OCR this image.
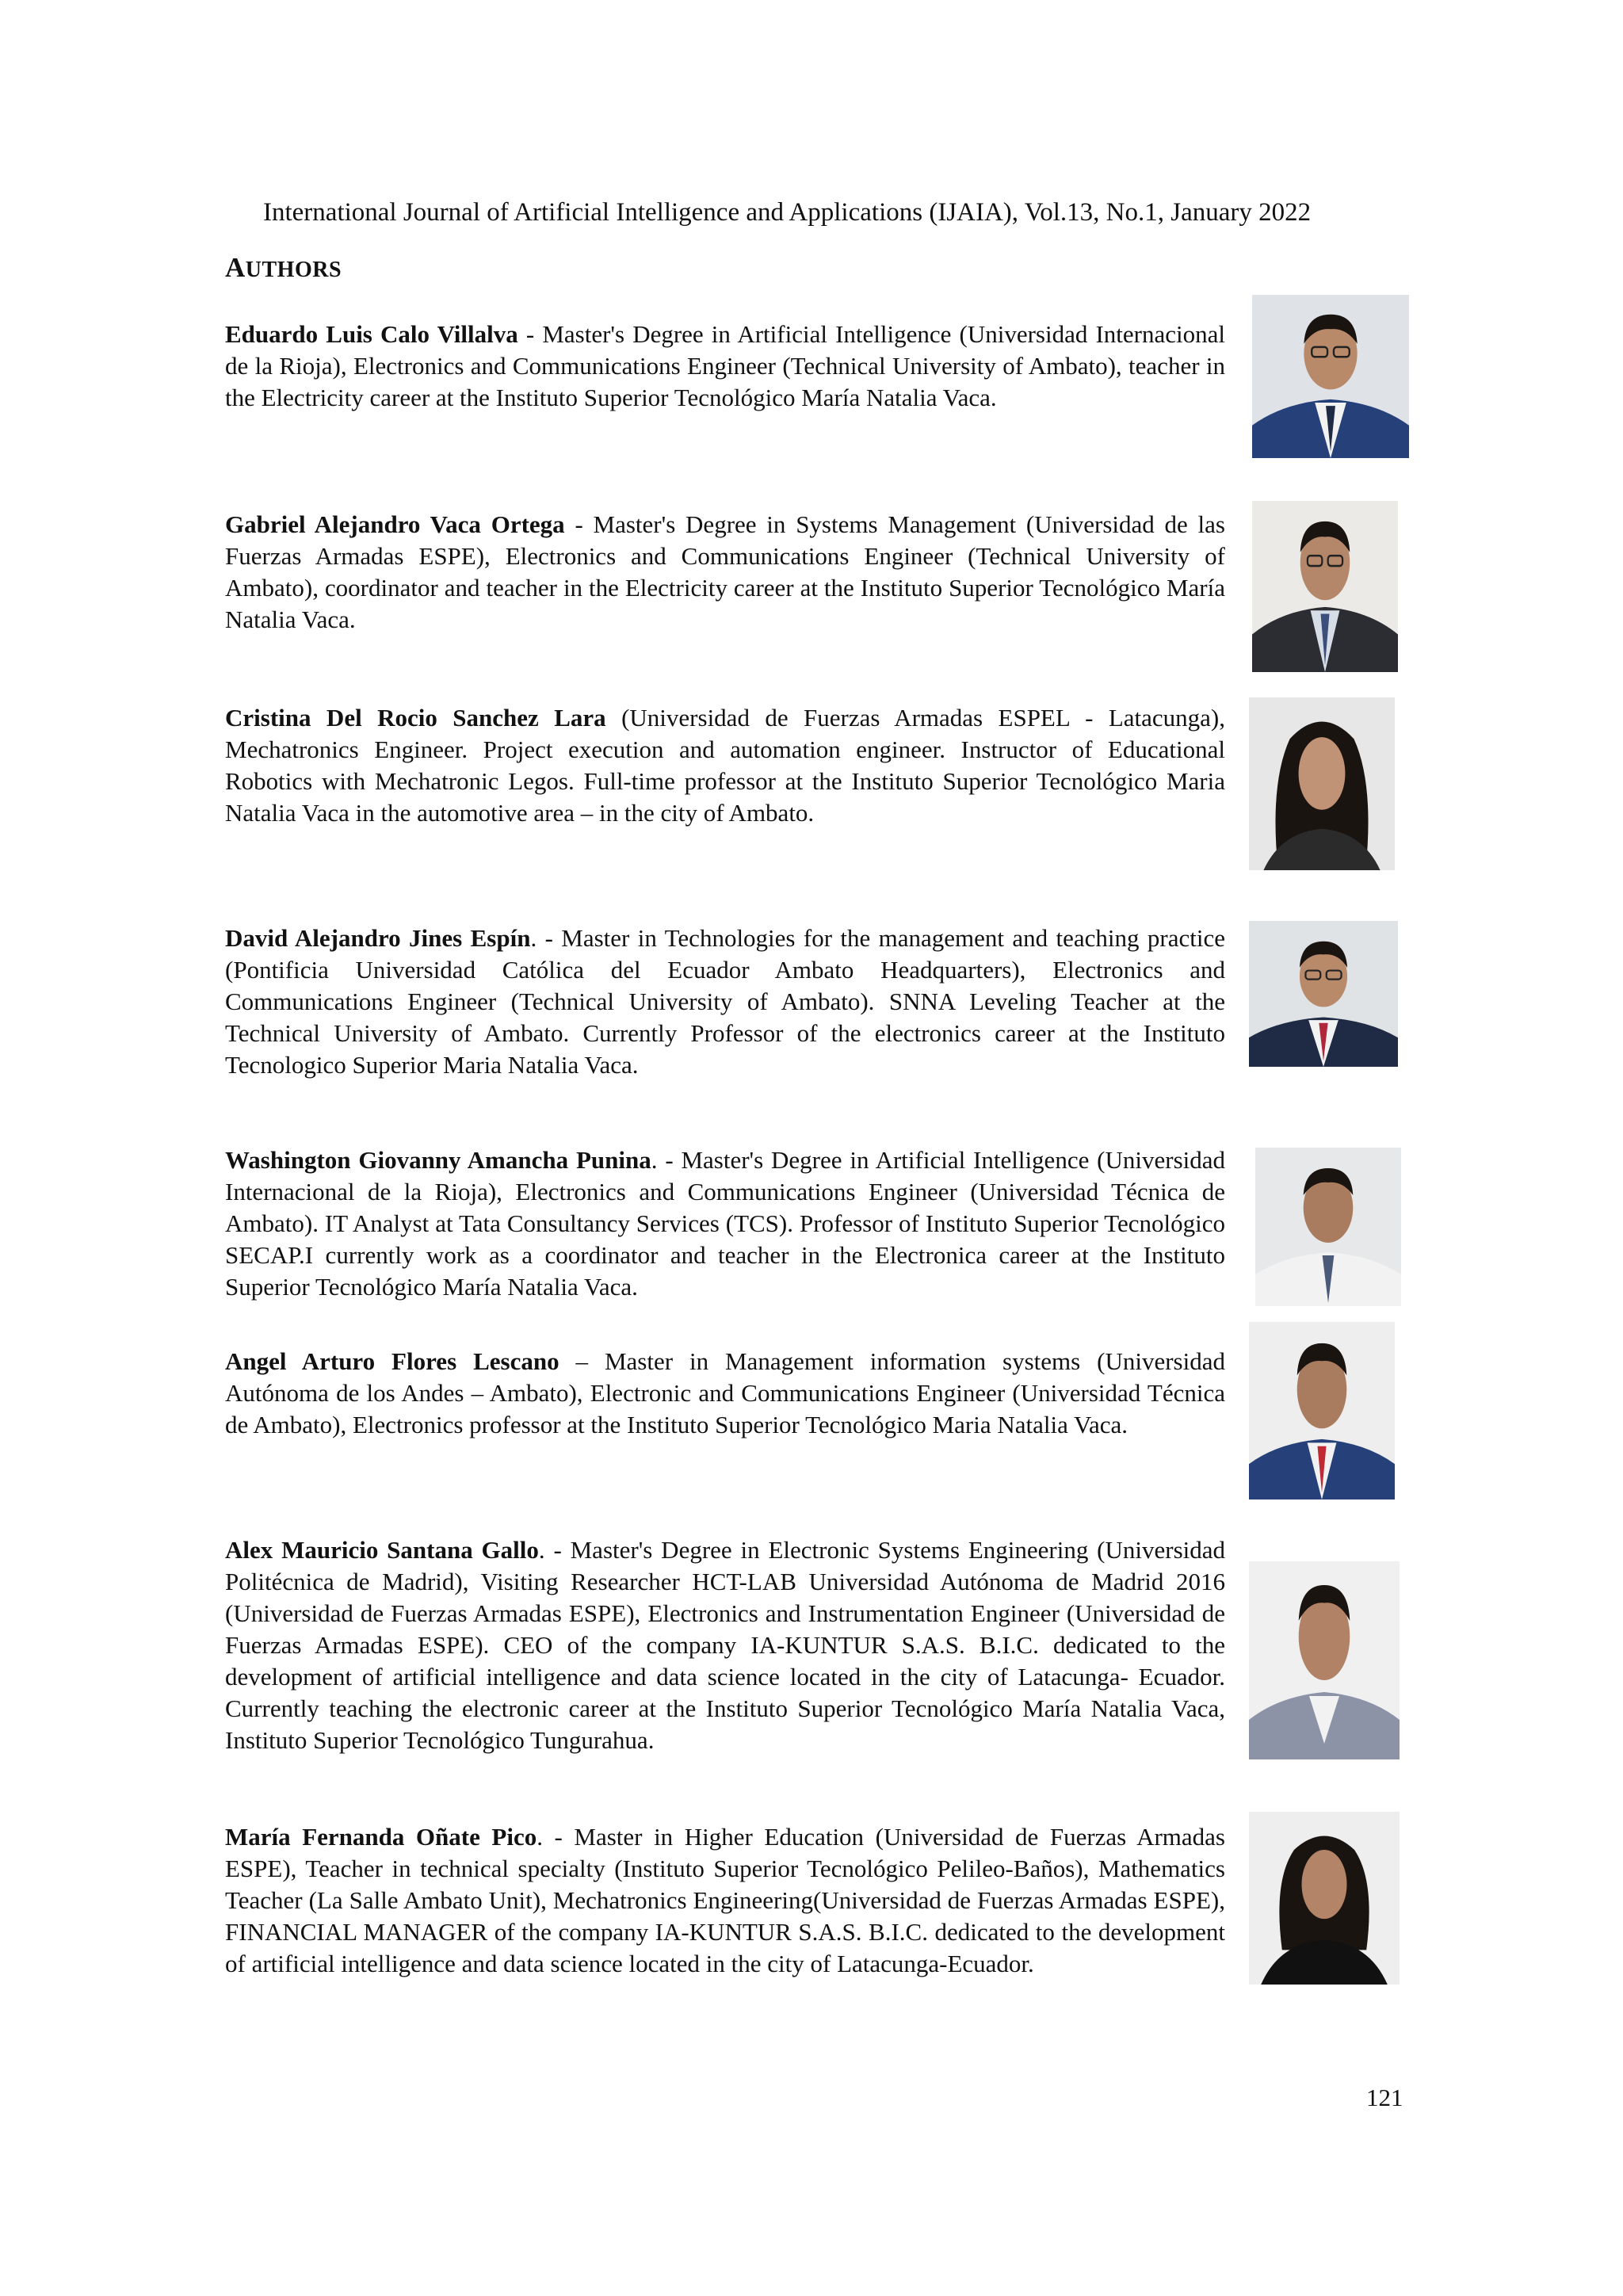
International Journal of Artificial Intelligence and Applications (IJAIA), Vol.13, No.1, January 2022
AUTHORS
Eduardo Luis Calo Villalva - Master's Degree in Artificial Intelligence (Universidad Internacional de la Rioja), Electronics and Communications Engineer (Technical University of Ambato), teacher in the Electricity career at the Instituto Superior Tecnológico María Natalia Vaca.
Gabriel Alejandro Vaca Ortega - Master's Degree in Systems Management (Universidad de las Fuerzas Armadas ESPE), Electronics and Communications Engineer (Technical University of Ambato), coordinator and teacher in the Electricity career at the Instituto Superior Tecnológico María Natalia Vaca.
Cristina Del Rocio Sanchez Lara (Universidad de Fuerzas Armadas ESPEL - Latacunga), Mechatronics Engineer. Project execution and automation engineer. Instructor of Educational Robotics with Mechatronic Legos. Full-time professor at the Instituto Superior Tecnológico Maria Natalia Vaca in the automotive area – in the city of Ambato.
David Alejandro Jines Espín. - Master in Technologies for the management and teaching practice (Pontificia Universidad Católica del Ecuador Ambato Headquarters), Electronics and Communications Engineer (Technical University of Ambato). SNNA Leveling Teacher at the Technical University of Ambato. Currently Professor of the electronics career at the Instituto Tecnologico Superior Maria Natalia Vaca.
Washington Giovanny Amancha Punina. - Master's Degree in Artificial Intelligence (Universidad Internacional de la Rioja), Electronics and Communications Engineer (Universidad Técnica de Ambato). IT Analyst at Tata Consultancy Services (TCS). Professor of Instituto Superior Tecnológico SECAP.I currently work as a coordinator and teacher in the Electronica career at the Instituto Superior Tecnológico María Natalia Vaca.
Angel Arturo Flores Lescano – Master in Management information systems (Universidad Autónoma de los Andes – Ambato), Electronic and Communications Engineer (Universidad Técnica de Ambato), Electronics professor at the Instituto Superior Tecnológico Maria Natalia Vaca.
Alex Mauricio Santana Gallo. - Master's Degree in Electronic Systems Engineering (Universidad Politécnica de Madrid), Visiting Researcher HCT-LAB Universidad Autónoma de Madrid 2016 (Universidad de Fuerzas Armadas ESPE), Electronics and Instrumentation Engineer (Universidad de Fuerzas Armadas ESPE). CEO of the company IA-KUNTUR S.A.S. B.I.C. dedicated to the development of artificial intelligence and data science located in the city of Latacunga- Ecuador. Currently teaching the electronic career at the Instituto Superior Tecnológico María Natalia Vaca, Instituto Superior Tecnológico Tungurahua.
María Fernanda Oñate Pico. - Master in Higher Education (Universidad de Fuerzas Armadas ESPE), Teacher in technical specialty (Instituto Superior Tecnológico Pelileo-Baños), Mathematics Teacher (La Salle Ambato Unit), Mechatronics Engineering(Universidad de Fuerzas Armadas ESPE), FINANCIAL MANAGER of the company IA-KUNTUR S.A.S. B.I.C. dedicated to the development of artificial intelligence and data science located in the city of Latacunga-Ecuador.
121
